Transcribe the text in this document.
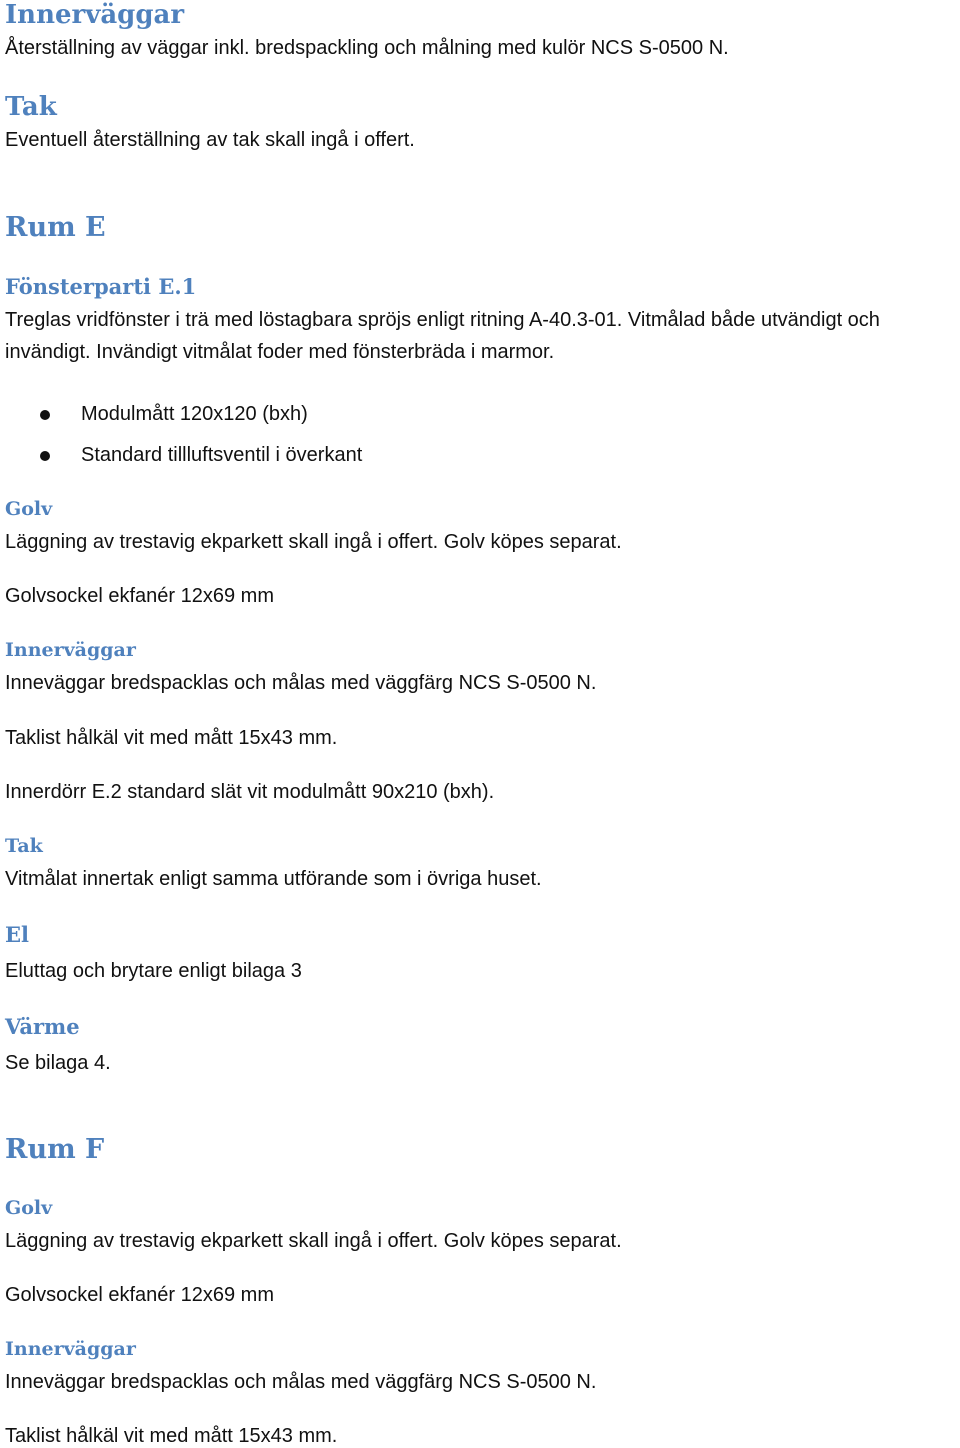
Innerväggar

Återställning av väggar inkl. bredspackling och målning med kulör NCS S-0500 N.

Tak

Eventuell återställning av tak skall ingå i offert.

Rum E
Fönsterparti E.1

Treglas vridfönster i trä med löstagbara spröjs enligt ritning A-40.3-01. Vitmålad både utvändigt och

invändigt. Invändigt vitmålat foder med fönsterbräda i marmor.

Modulmått 120x120 (bxh)
Standard tillluftsventil i överkant
Golv

Läggning av trestavig ekparkett skall ingå i offert. Golv köpes separat.

Golvsockel ekfanér 12x69 mm

Innerväggar

Inneväggar bredspacklas och målas med väggfärg NCS S-0500 N.

Taklist hålkäl vit med mått 15x43 mm.

Innerdörr E.2 standard slät vit modulmått 90x210 (bxh).

Tak

Vitmålat innertak enligt samma utförande som i övriga huset.

El

Eluttag och brytare enligt bilaga 3

Värme

Se bilaga 4.

Rum F
Golv

Läggning av trestavig ekparkett skall ingå i offert. Golv köpes separat.

Golvsockel ekfanér 12x69 mm

Innerväggar

Inneväggar bredspacklas och målas med väggfärg NCS S-0500 N.

Taklist hålkäl vit med mått 15x43 mm.
